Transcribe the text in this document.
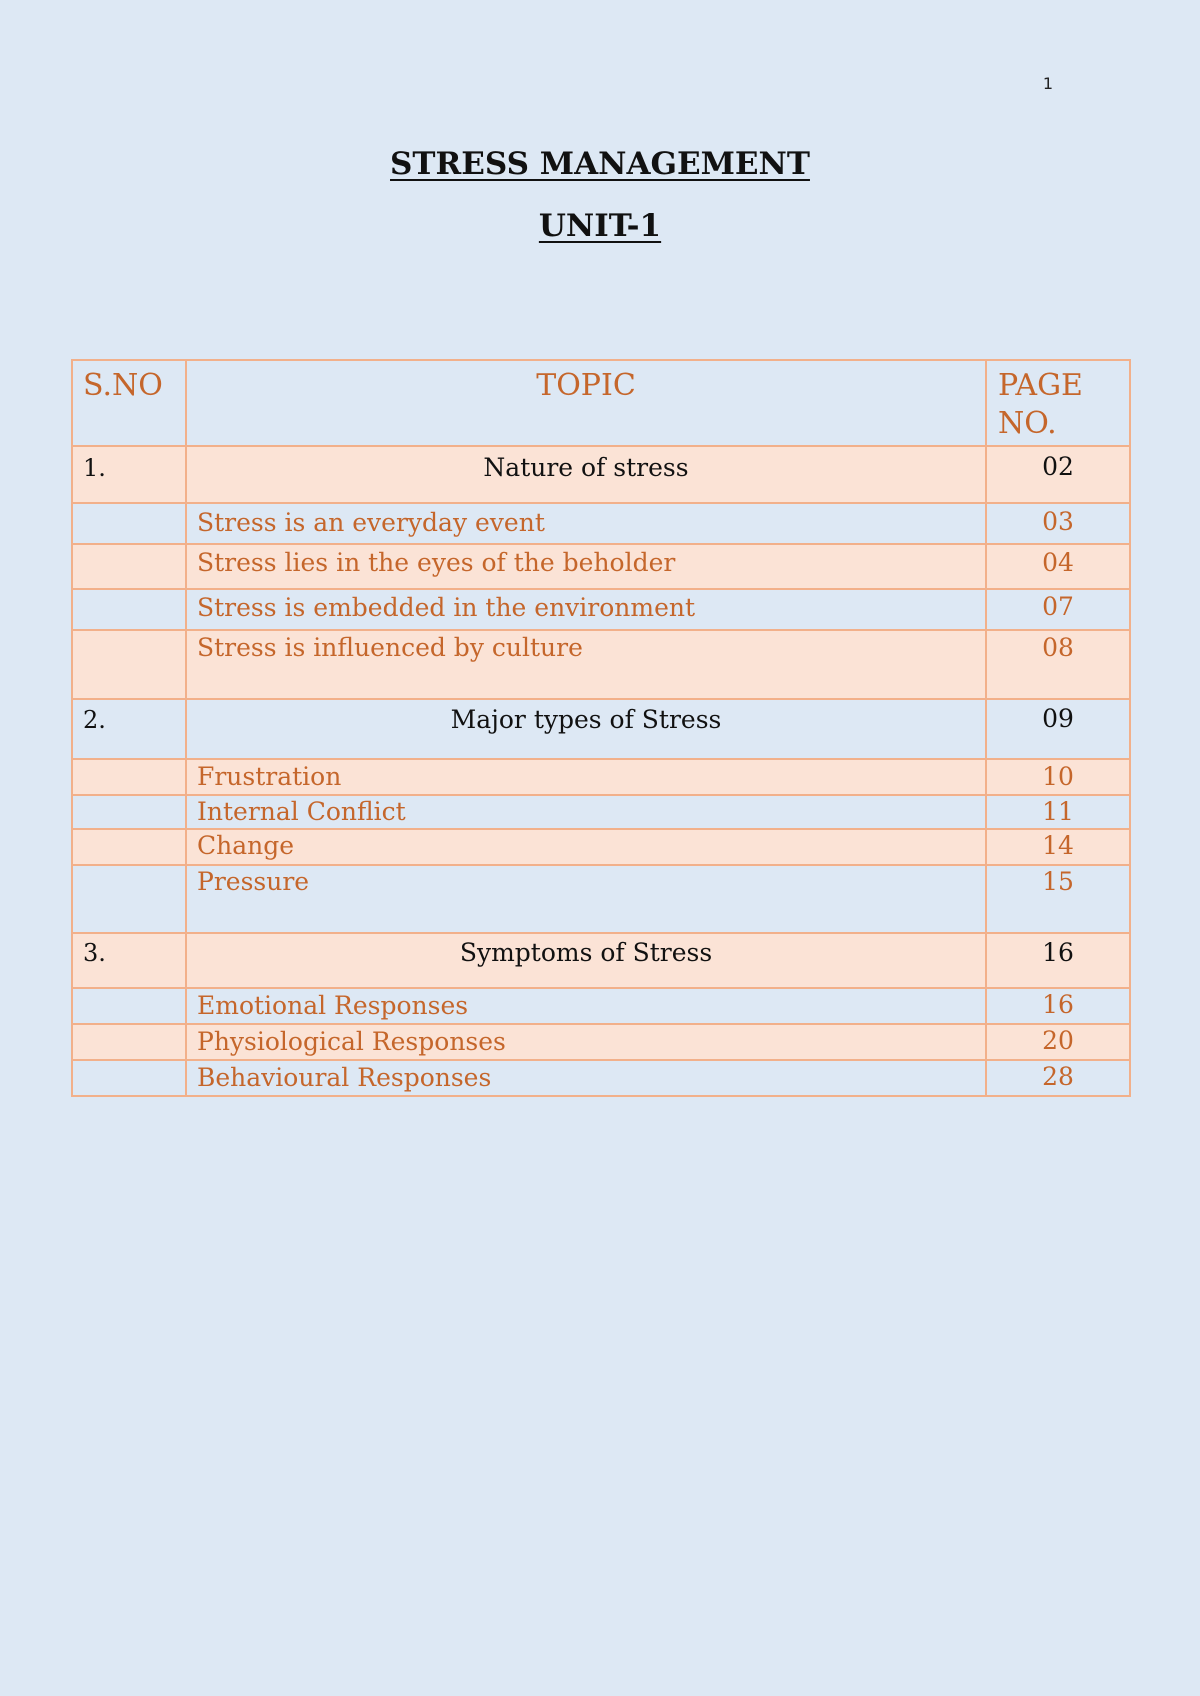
1
STRESS MANAGEMENT
UNIT-1
S.NO	TOPIC	PAGE
NO.
1.	Nature of stress	02
	Stress is an everyday event	03
	Stress lies in the eyes of the beholder	04
	Stress is embedded in the environment	07
	Stress is influenced by culture	08
2.	Major types of Stress	09
	Frustration	10
	Internal Conflict	11
	Change	14
	Pressure	15
3.	Symptoms of Stress	16
	Emotional Responses	16
	Physiological Responses	20
	Behavioural Responses	28
